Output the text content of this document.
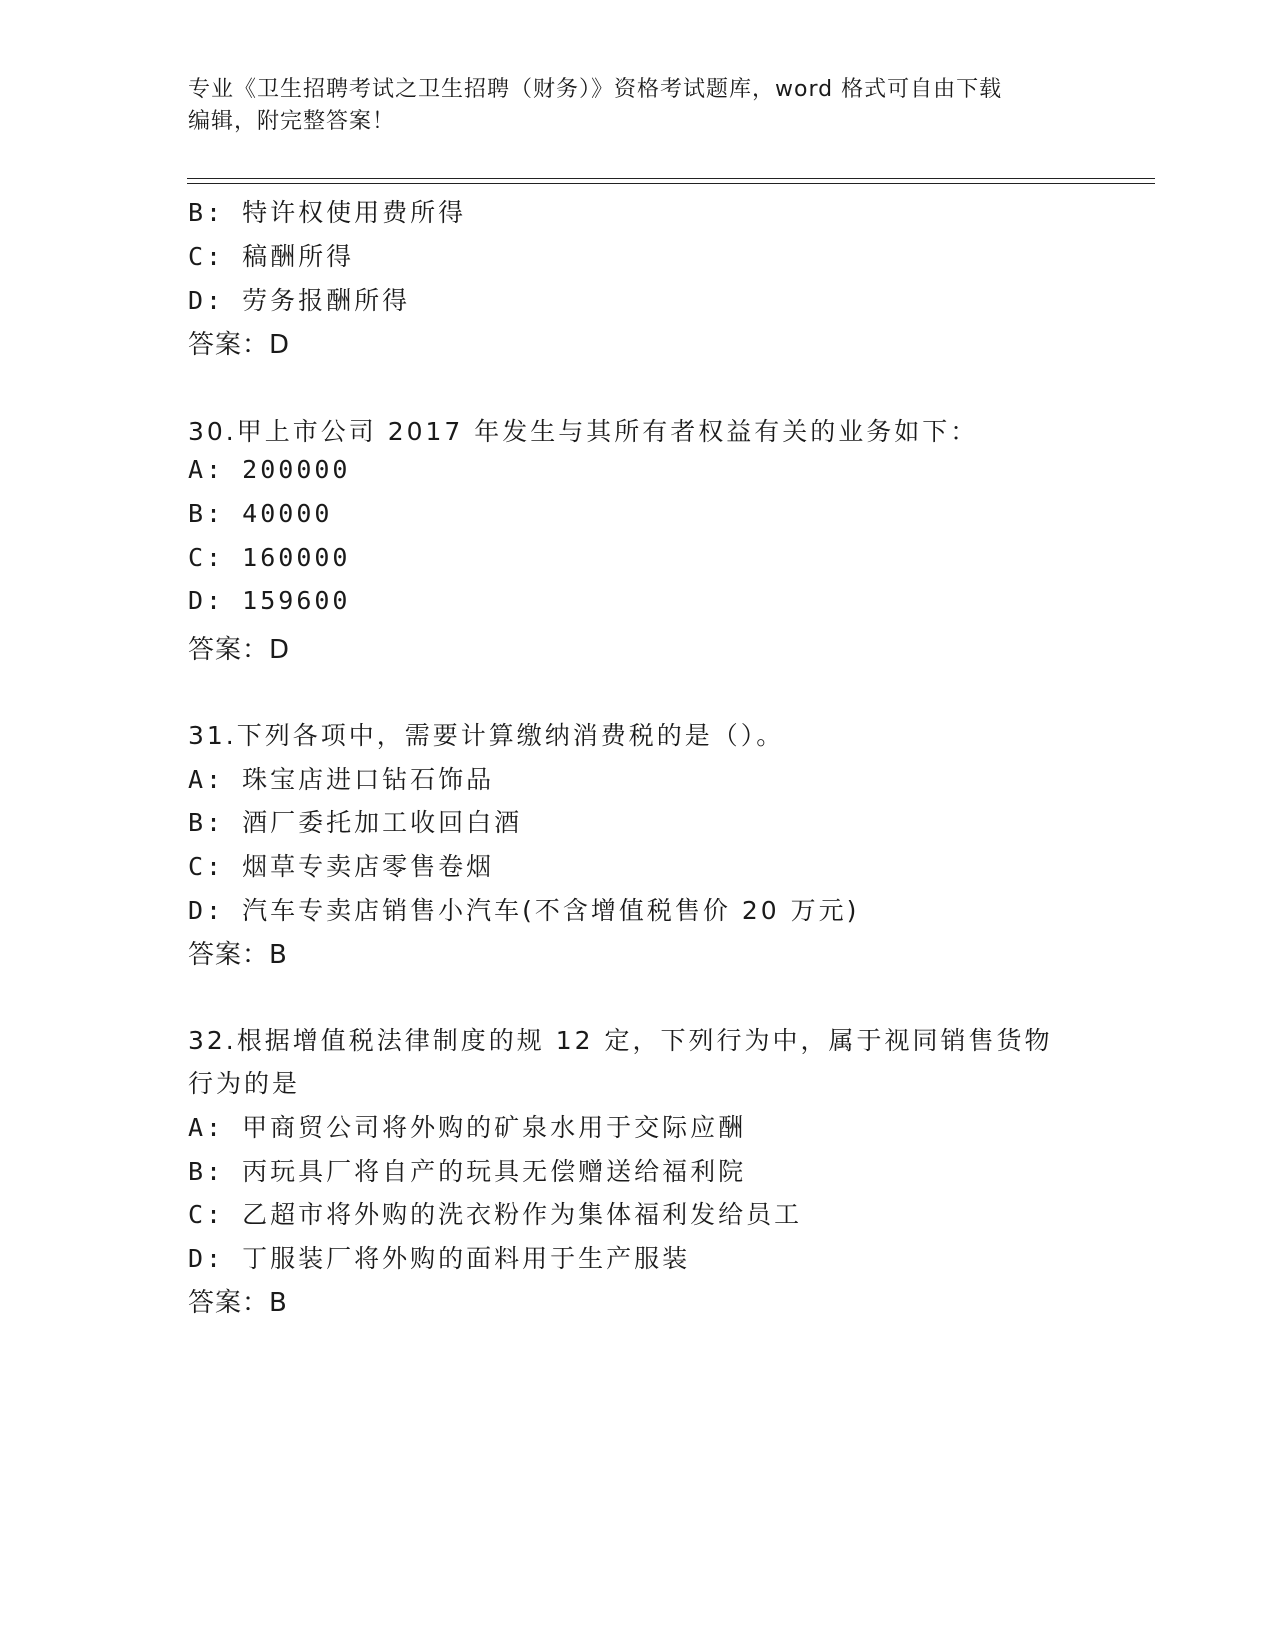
专业《卫生招聘考试之卫生招聘（财务）》资格考试题库，word 格式可自由下载
编辑，附完整答案！
B: 特许权使用费所得
C: 稿酬所得
D: 劳务报酬所得
答案：D
30.甲上市公司 2017 年发生与其所有者权益有关的业务如下：
A: 200000
B: 40000
C: 160000
D: 159600
答案：D
31.下列各项中，需要计算缴纳消费税的是（）。
A: 珠宝店进口钻石饰品
B: 酒厂委托加工收回白酒
C: 烟草专卖店零售卷烟
D: 汽车专卖店销售小汽车(不含增值税售价 20 万元)
答案：B
32.根据增值税法律制度的规 12 定，下列行为中，属于视同销售货物
行为的是
A: 甲商贸公司将外购的矿泉水用于交际应酬
B: 丙玩具厂将自产的玩具无偿赠送给福利院
C: 乙超市将外购的洗衣粉作为集体福利发给员工
D: 丁服装厂将外购的面料用于生产服装
答案：B
